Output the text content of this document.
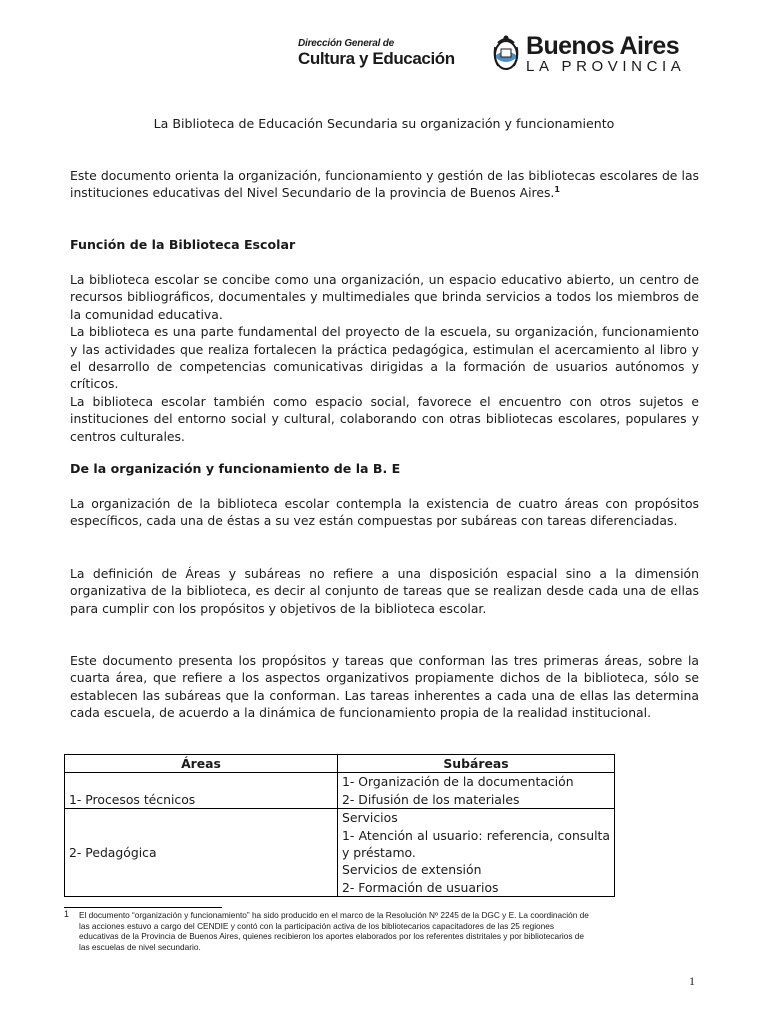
Dirección General de
Cultura y Educación	Buenos Aires
LA PROVINCIA
La Biblioteca de Educación Secundaria su organización y funcionamiento
Este documento orienta la organización, funcionamiento y gestión de las bibliotecas escolares de las instituciones educativas del Nivel Secundario de la provincia de Buenos Aires.$^1$
Función de la Biblioteca Escolar
La biblioteca escolar se concibe como una organización, un espacio educativo abierto, un centro de recursos bibliográficos, documentales y multimediales que brinda servicios a todos los miembros de la comunidad educativa.
La biblioteca es una parte fundamental del proyecto de la escuela, su organización, funcionamiento y las actividades que realiza fortalecen la práctica pedagógica, estimulan el acercamiento al libro y el desarrollo de competencias comunicativas dirigidas a la formación de usuarios autónomos y críticos.
La biblioteca escolar también como espacio social, favorece el encuentro con otros sujetos e instituciones del entorno social y cultural, colaborando con otras bibliotecas escolares, populares y centros culturales.
De la organización y funcionamiento de la B. E
La organización de la biblioteca escolar contempla la existencia de cuatro áreas con propósitos específicos, cada una de éstas a su vez están compuestas por subáreas con tareas diferenciadas.
La definición de Áreas y subáreas no refiere a una disposición espacial sino a la dimensión organizativa de la biblioteca, es decir al conjunto de tareas que se realizan desde cada una de ellas para cumplir con los propósitos y objetivos de la biblioteca escolar.
Este documento presenta los propósitos y tareas que conforman las tres primeras áreas, sobre la cuarta área, que refiere a los aspectos organizativos propiamente dichos de la biblioteca, sólo se establecen las subáreas que la conforman. Las tareas inherentes a cada una de ellas las determina cada escuela, de acuerdo a la dinámica de funcionamiento propia de la realidad institucional.
Áreas	Subáreas
1- Procesos técnicos	1- Organización de la documentación
2- Difusión de los materiales

2- Pedagógica	Servicios
1- Atención al usuario: referencia, consulta y préstamo.
Servicios de extensión
2- Formación de usuarios
1 El documento “organización y funcionamiento” ha sido producido en el marco de la Resolución Nº 2245 de la DGC y E. La coordinación de las acciones estuvo a cargo del CENDIE y contó con la participación activa de los bibliotecarios capacitadores de las 25 regiones educativas de la Provincia de Buenos Aires, quienes recibieron los aportes elaborados por los referentes distritales y por bibliotecarios de las escuelas de nivel secundario.
1
